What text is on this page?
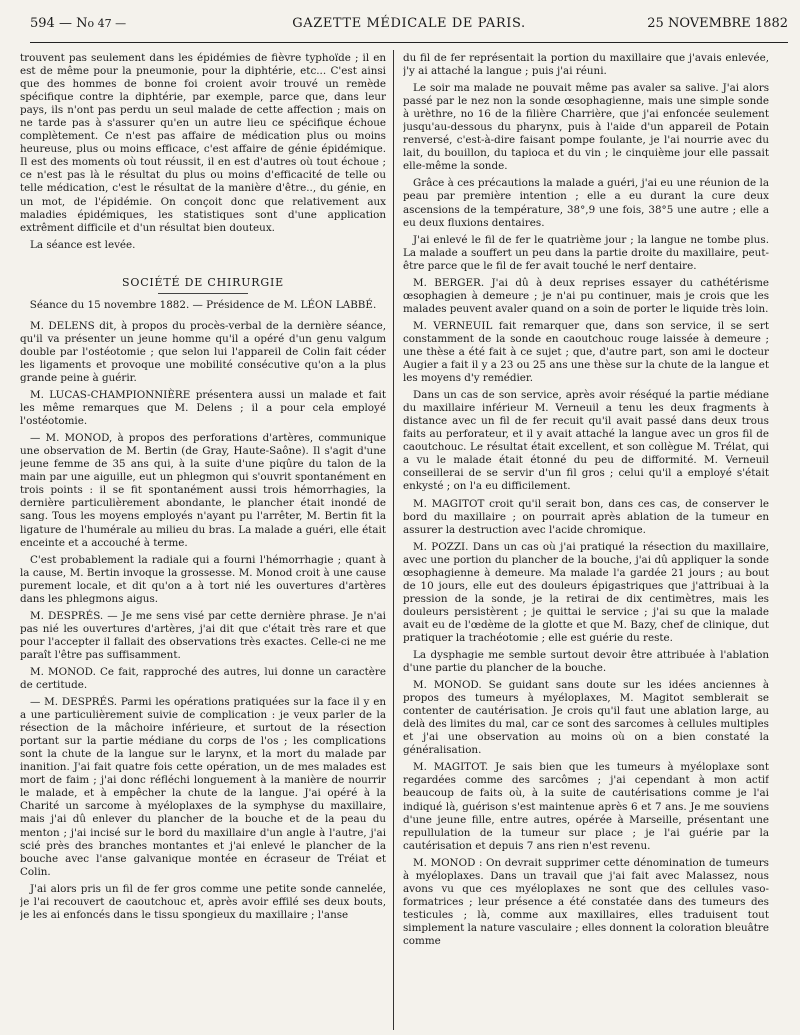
594 — No 47 —	GAZETTE MÉDICALE DE PARIS.	25 NOVEMBRE 1882

trouvent pas seulement dans les épidémies de fièvre typhoïde ; il en est de même pour la pneumonie, pour la diphtérie, etc... C'est ainsi que des hommes de bonne foi croient avoir trouvé un remède spécifique contre la diphtérie, par exemple, parce que, dans leur pays, ils n'ont pas perdu un seul malade de cette affection ; mais on ne tarde pas à s'assurer qu'en un autre lieu ce spécifique échoue complètement. Ce n'est pas affaire de médication plus ou moins heureuse, plus ou moins efficace, c'est affaire de génie épidémique. Il est des moments où tout réussit, il en est d'autres où tout échoue ; ce n'est pas là le résultat du plus ou moins d'efficacité de telle ou telle médication, c'est le résultat de la manière d'être.., du génie, en un mot, de l'épidémie. On conçoit donc que relativement aux maladies épidémiques, les statistiques sont d'une application extrêment difficile et d'un résultat bien douteux.

La séance est levée.

SOCIÉTÉ DE CHIRURGIE

Séance du 15 novembre 1882. — Présidence de M. LÉON LABBÉ.

M. DELENS dit, à propos du procès-verbal de la dernière séance, qu'il va présenter un jeune homme qu'il a opéré d'un genu valgum double par l'ostéotomie ; que selon lui l'appareil de Colin fait céder les ligaments et provoque une mobilité consécutive qu'on a la plus grande peine à guérir.

M. LUCAS-CHAMPIONNIÈRE présentera aussi un malade et fait les même remarques que M. Delens ; il a pour cela employé l'ostéotomie.

— M. MONOD, à propos des perforations d'artères, communique une observation de M. Bertin (de Gray, Haute-Saône). Il s'agit d'une jeune femme de 35 ans qui, à la suite d'une piqûre du talon de la main par une aiguille, eut un phlegmon qui s'ouvrit spontanément en trois points : il se fit spontanément aussi trois hémorrhagies, la dernière particulièrement abondante, le plancher était inondé de sang. Tous les moyens employés n'ayant pu l'arrêter, M. Bertin fit la ligature de l'humérale au milieu du bras. La malade a guéri, elle était enceinte et a accouché à terme.

C'est probablement la radiale qui a fourni l'hémorrhagie ; quant à la cause, M. Bertin invoque la grossesse. M. Monod croit à une cause purement locale, et dit qu'on a à tort nié les ouvertures d'artères dans les phlegmons aigus.

M. DESPRÉS. — Je me sens visé par cette dernière phrase. Je n'ai pas nié les ouvertures d'artères, j'ai dit que c'était très rare et que pour l'accepter il fallait des observations très exactes. Celle-ci ne me paraît l'être pas suffisamment.

M. MONOD. Ce fait, rapproché des autres, lui donne un caractère de certitude.

— M. DESPRÉS. Parmi les opérations pratiquées sur la face il y en a une particulièrement suivie de complication : je veux parler de la résection de la mâchoire inférieure, et surtout de la résection portant sur la partie médiane du corps de l'os ; les complications sont la chute de la langue sur le larynx, et la mort du malade par inanition. J'ai fait quatre fois cette opération, un de mes malades est mort de faim ; j'ai donc réfléchi longuement à la manière de nourrir le malade, et à empêcher la chute de la langue. J'ai opéré à la Charité un sarcome à myéloplaxes de la symphyse du maxillaire, mais j'ai dû enlever du plancher de la bouche et de la peau du menton ; j'ai incisé sur le bord du maxillaire d'un angle à l'autre, j'ai scié près des branches montantes et j'ai enlevé le plancher de la bouche avec l'anse galvanique montée en écraseur de Tréiat et Colin.

J'ai alors pris un fil de fer gros comme une petite sonde cannelée, je l'ai recouvert de caoutchouc et, après avoir effilé ses deux bouts, je les ai enfoncés dans le tissu spongieux du maxillaire ; l'anse

du fil de fer représentait la portion du maxillaire que j'avais enlevée, j'y ai attaché la langue ; puis j'ai réuni.

Le soir ma malade ne pouvait même pas avaler sa salive. J'ai alors passé par le nez non la sonde œsophagienne, mais une simple sonde à urèthre, no 16 de la filière Charrière, que j'ai enfoncée seulement jusqu'au-dessous du pharynx, puis à l'aide d'un appareil de Potain renversé, c'est-à-dire faisant pompe foulante, je l'ai nourrie avec du lait, du bouillon, du tapioca et du vin ; le cinquième jour elle passait elle-même la sonde.

Grâce à ces précautions la malade a guéri, j'ai eu une réunion de la peau par première intention ; elle a eu durant la cure deux ascensions de la température, 38°,9 une fois, 38°5 une autre ; elle a eu deux fluxions dentaires.

J'ai enlevé le fil de fer le quatrième jour ; la langue ne tombe plus. La malade a souffert un peu dans la partie droite du maxillaire, peut-être parce que le fil de fer avait touché le nerf dentaire.

M. BERGER. J'ai dû à deux reprises essayer du cathétérisme œsophagien à demeure ; je n'ai pu continuer, mais je crois que les malades peuvent avaler quand on a soin de porter le liquide très loin.

M. VERNEUIL fait remarquer que, dans son service, il se sert constamment de la sonde en caoutchouc rouge laissée à demeure ; une thèse a été fait à ce sujet ; que, d'autre part, son ami le docteur Augier a fait il y a 23 ou 25 ans une thèse sur la chute de la langue et les moyens d'y remédier.

Dans un cas de son service, après avoir réséqué la partie médiane du maxillaire inférieur M. Verneuil a tenu les deux fragments à distance avec un fil de fer recuit qu'il avait passé dans deux trous faits au perforateur, et il y avait attaché la langue avec un gros fil de caoutchouc. Le résultat était excellent, et son collègue M. Trélat, qui a vu le malade était étonné du peu de difformité. M. Verneuil conseillerai de se servir d'un fil gros ; celui qu'il a employé s'était enkysté ; on l'a eu difficilement.

M. MAGITOT croit qu'il serait bon, dans ces cas, de conserver le bord du maxillaire ; on pourrait après ablation de la tumeur en assurer la destruction avec l'acide chromique.

M. POZZI. Dans un cas où j'ai pratiqué la résection du maxillaire, avec une portion du plancher de la bouche, j'ai dû appliquer la sonde œsophagienne à demeure. Ma malade l'a gardée 21 jours ; au bout de 10 jours, elle eut des douleurs épigastriques que j'attribuai à la pression de la sonde, je la retirai de dix centimètres, mais les douleurs persistèrent ; je quittai le service ; j'ai su que la malade avait eu de l'œdème de la glotte et que M. Bazy, chef de clinique, dut pratiquer la trachéotomie ; elle est guérie du reste.

La dysphagie me semble surtout devoir être attribuée à l'ablation d'une partie du plancher de la bouche.

M. MONOD. Se guidant sans doute sur les idées anciennes à propos des tumeurs à myéloplaxes, M. Magitot semblerait se contenter de cautérisation. Je crois qu'il faut une ablation large, au delà des limites du mal, car ce sont des sarcomes à cellules multiples et j'ai une observation au moins où on a bien constaté la généralisation.

M. MAGITOT. Je sais bien que les tumeurs à myéloplaxe sont regardées comme des sarcômes ; j'ai cependant à mon actif beaucoup de faits où, à la suite de cautérisations comme je l'ai indiqué là, guérison s'est maintenue après 6 et 7 ans. Je me souviens d'une jeune fille, entre autres, opérée à Marseille, présentant une repullulation de la tumeur sur place ; je l'ai guérie par la cautérisation et depuis 7 ans rien n'est revenu.

M. MONOD : On devrait supprimer cette dénomination de tumeurs à myéloplaxes. Dans un travail que j'ai fait avec Malassez, nous avons vu que ces myéloplaxes ne sont que des cellules vaso-formatrices ; leur présence a été constatée dans des tumeurs des testicules ; là, comme aux maxillaires, elles traduisent tout simplement la nature vasculaire ; elles donnent la coloration bleuâtre comme
